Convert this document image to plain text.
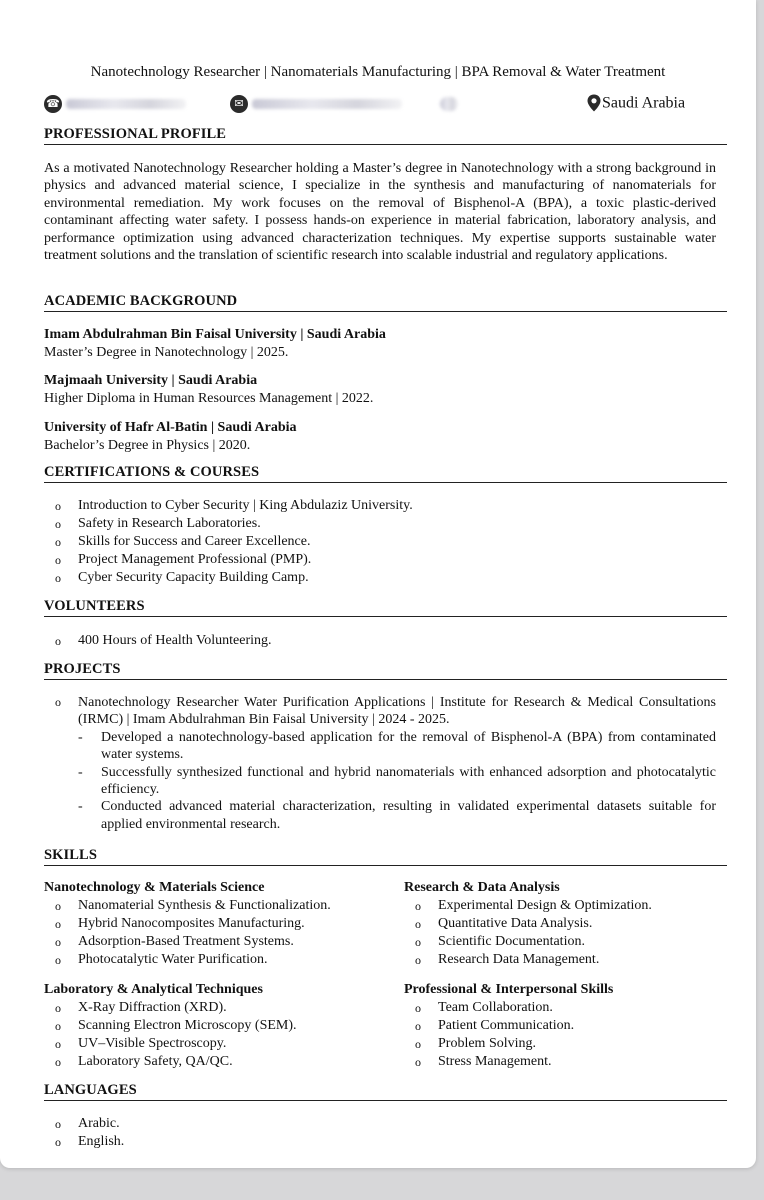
Nanotechnology Researcher | Nanomaterials Manufacturing | BPA Removal & Water Treatment
☎	✉	Saudi Arabia
PROFESSIONAL PROFILE

As a motivated Nanotechnology Researcher holding a Master’s degree in Nanotechnology with a strong background in physics and advanced material science, I specialize in the synthesis and manufacturing of nanomaterials for environmental remediation. My work focuses on the removal of Bisphenol-A (BPA), a toxic plastic-derived contaminant affecting water safety. I possess hands-on experience in material fabrication, laboratory analysis, and performance optimization using advanced characterization techniques. My expertise supports sustainable water treatment solutions and the translation of scientific research into scalable industrial and regulatory applications.

ACADEMIC BACKGROUND
Imam Abdulrahman Bin Faisal University | Saudi Arabia
Master’s Degree in Nanotechnology | 2025.
Majmaah University | Saudi Arabia
Higher Diploma in Human Resources Management | 2022.
University of Hafr Al-Batin | Saudi Arabia
Bachelor’s Degree in Physics | 2020.
CERTIFICATIONS & COURSES
o Introduction to Cyber Security | King Abdulaziz University.
o Safety in Research Laboratories.
o Skills for Success and Career Excellence.
o Project Management Professional (PMP).
o Cyber Security Capacity Building Camp.
VOLUNTEERS
o 400 Hours of Health Volunteering.
PROJECTS
o Nanotechnology Researcher Water Purification Applications | Institute for Research & Medical Consultations (IRMC) | Imam Abdulrahman Bin Faisal University | 2024 - 2025.
- Developed a nanotechnology-based application for the removal of Bisphenol-A (BPA) from contaminated water systems.
- Successfully synthesized functional and hybrid nanomaterials with enhanced adsorption and photocatalytic efficiency.
- Conducted advanced material characterization, resulting in validated experimental datasets suitable for applied environmental research.
SKILLS
Nanotechnology & Materials Science
o Nanomaterial Synthesis & Functionalization.
o Hybrid Nanocomposites Manufacturing.
o Adsorption-Based Treatment Systems.
o Photocatalytic Water Purification.
Research & Data Analysis
o Experimental Design & Optimization.
o Quantitative Data Analysis.
o Scientific Documentation.
o Research Data Management.
Laboratory & Analytical Techniques
o X-Ray Diffraction (XRD).
o Scanning Electron Microscopy (SEM).
o UV–Visible Spectroscopy.
o Laboratory Safety, QA/QC.
Professional & Interpersonal Skills
o Team Collaboration.
o Patient Communication.
o Problem Solving.
o Stress Management.
LANGUAGES
o Arabic.
o English.
